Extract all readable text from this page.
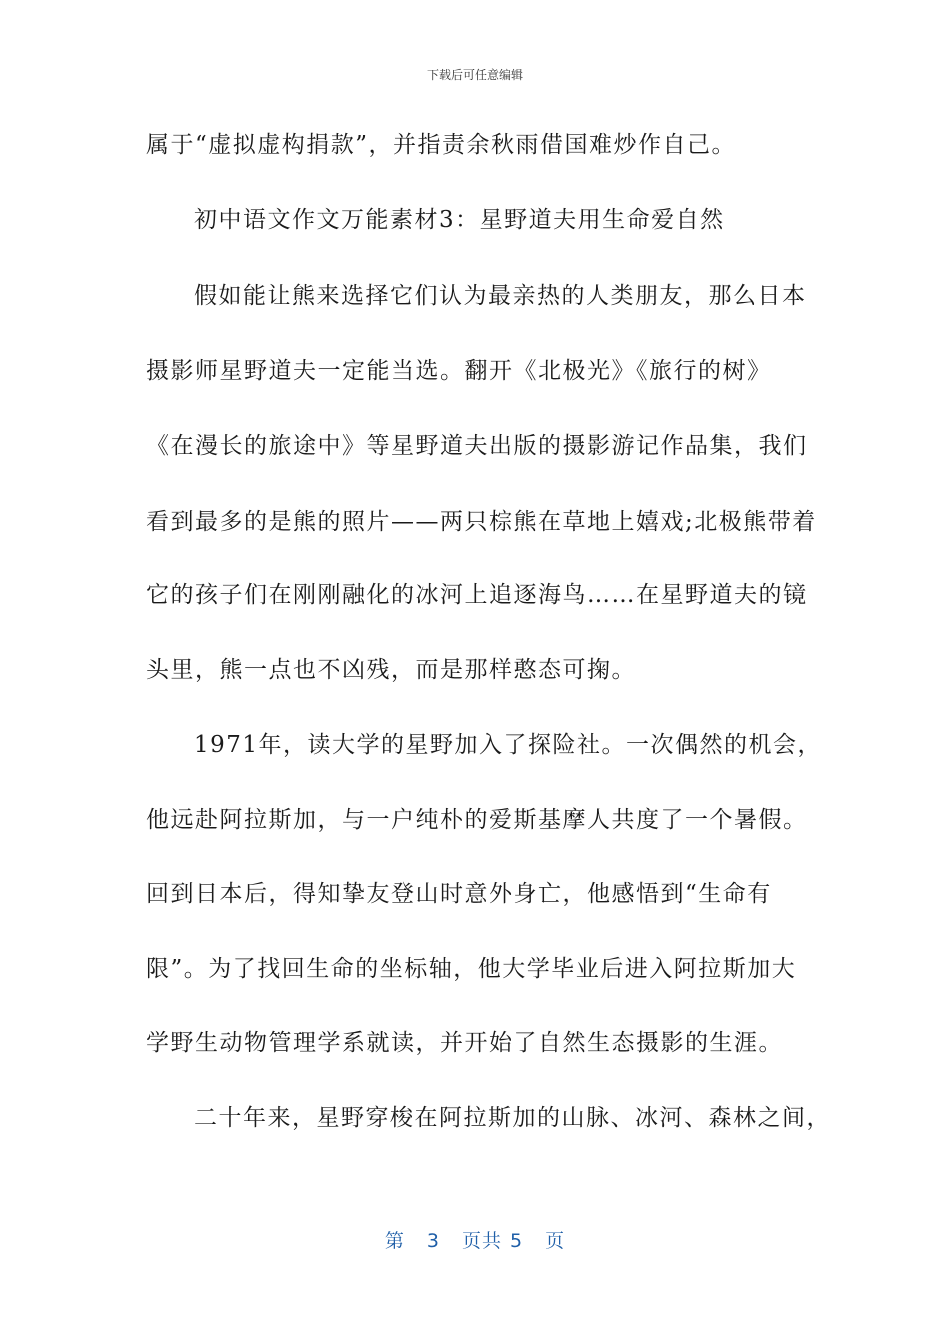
下载后可任意编辑
属于“虚拟虚构捐款”，并指责余秋雨借国难炒作自己。
初中语文作文万能素材3：星野道夫用生命爱自然
假如能让熊来选择它们认为最亲热的人类朋友，那么日本
摄影师星野道夫一定能当选。翻开《北极光》《旅行的树》
《在漫长的旅途中》等星野道夫出版的摄影游记作品集，我们
看到最多的是熊的照片——两只棕熊在草地上嬉戏;北极熊带着
它的孩子们在刚刚融化的冰河上追逐海鸟……在星野道夫的镜
头里，熊一点也不凶残，而是那样憨态可掬。
1971年，读大学的星野加入了探险社。一次偶然的机会，
他远赴阿拉斯加，与一户纯朴的爱斯基摩人共度了一个暑假。
回到日本后，得知挚友登山时意外身亡，他感悟到“生命有
限”。为了找回生命的坐标轴，他大学毕业后进入阿拉斯加大
学野生动物管理学系就读，并开始了自然生态摄影的生涯。
二十年来，星野穿梭在阿拉斯加的山脉、冰河、森林之间，
第 3 页共 5 页
